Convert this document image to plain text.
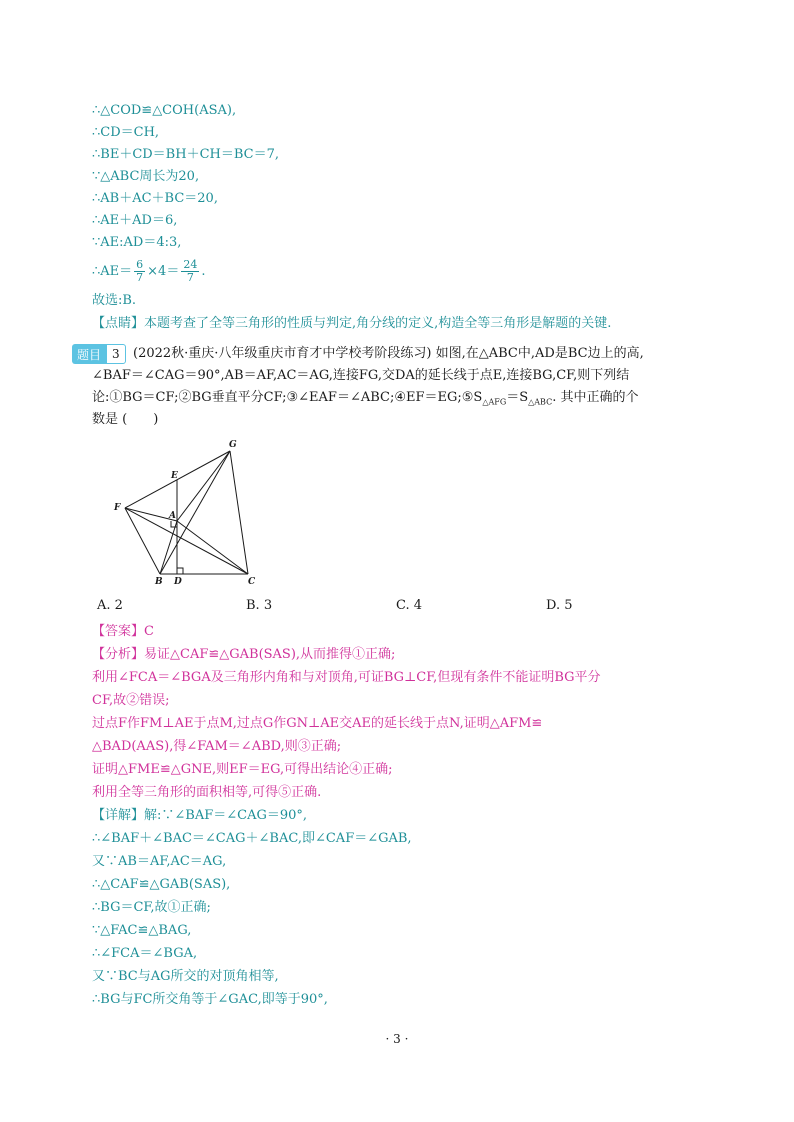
∴△COD≌△COH(ASA),
∴CD＝CH,
∴BE＋CD＝BH＋CH＝BC＝7,
∵△ABC周长为20,
∴AB＋AC＋BC＝20,
∴AE＋AD＝6,
∵AE:AD＝4:3,
∴AE＝ $\frac{6}{7} \times 4= \frac{24}{7}$ .
故选:B.
【点睛】本题考查了全等三角形的性质与判定,角分线的定义,构造全等三角形是解题的关键.
题目 3	(2022秋·重庆·八年级重庆市育才中学校考阶段练习) 如图,在△ABC中,AD是BC边上的高,
∠BAF＝∠CAG＝90°,AB＝AF,AC＝AG,连接FG,交DA的延长线于点E,连接BG,CF,则下列结
论:①BG＝CF;②BG垂直平分$CF;③\angle EAF=\angle ABC;④EF=EG;⑤S_{\triangle AFG}=S_{\triangle ABC}$. 其中正确的个
数是 (　　)
G
E
F
A
B D	C
A. 2	B. 3	C. 4	D. 5
【答案】C
【分析】易证△CAF≌△GAB(SAS),从而推得①正确;
利用∠FCA＝∠BGA及三角形内角和与对顶角,可证BG⊥CF,但现有条件不能证明BG平分
CF,故②错误;
过点F作FM⊥AE于点M,过点G作GN⊥AE交AE的延长线于点N,证明△AFM≌
△BAD(AAS),得∠FAM＝∠ABD,则③正确;
证明△FME≌△GNE,则EF＝EG,可得出结论④正确;
利用全等三角形的面积相等,可得⑤正确.
【详解】解:∵∠BAF＝∠CAG＝90°,
∴∠BAF＋∠BAC＝∠CAG＋∠BAC,即∠CAF＝∠GAB,
又∵AB＝AF,AC＝AG,
∴△CAF≌△GAB(SAS),
∴BG＝CF,故①正确;
∵△FAC≌△BAG,
∴∠FCA＝∠BGA,
又∵BC与AG所交的对顶角相等,
∴BG与FC所交角等于∠GAC,即等于90°,
· 3 ·
